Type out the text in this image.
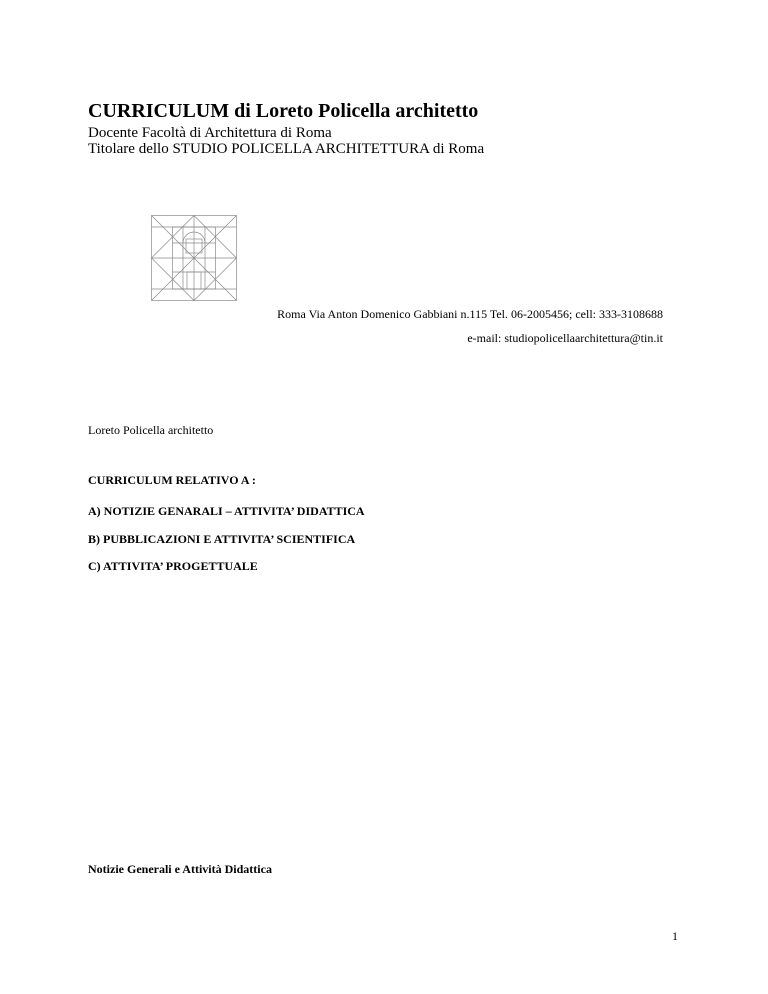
CURRICULUM di Loreto Policella architetto
Docente Facoltà di Architettura di Roma
Titolare dello STUDIO POLICELLA ARCHITETTURA di Roma
Roma Via Anton Domenico Gabbiani n.115 Tel. 06-2005456; cell: 333-3108688
e-mail: studiopolicellaarchitettura@tin.it
Loreto Policella architetto
CURRICULUM RELATIVO A :
A) NOTIZIE GENARALI – ATTIVITA’ DIDATTICA
B) PUBBLICAZIONI E ATTIVITA’ SCIENTIFICA
C) ATTIVITA’ PROGETTUALE
Notizie Generali e Attività Didattica
1
